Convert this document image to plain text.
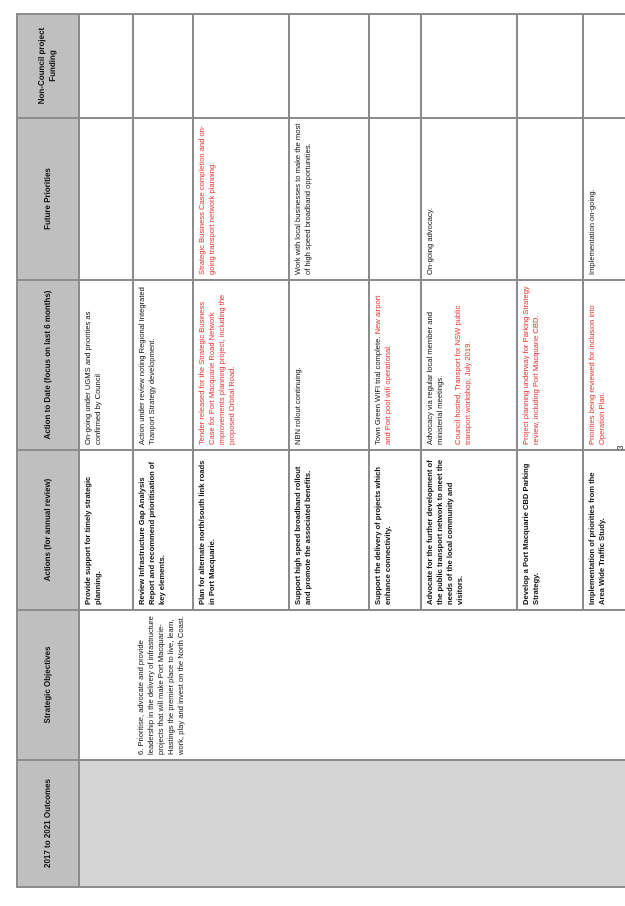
2017 to 2021 Outcomes	Strategic Objectives	Actions (for annual review)	Action to Date (focus on last 6 months)	Future Priorities	Non-Council project Funding
		Provide support for timely strategic planning.	On-going under UGMS and priorities as confirmed by Council		
	6. Prioritise, advocate and provide leadership in the delivery of infrastructure projects that will make Port Macquarie-Hastings the premier place to live, learn, work, play and invest on the North Coast.	Review Infrastructure Gap Analysis Report and recommend prioritisation of key elements.	Action under review noting Regional Integrated Tranport Strategy development.		
		Plan for alternate north/south link roads in Port Macquarie.	Tender released for the Strategic Business Case for Port Macquarie Road Network improvements planning project, including the proposed Orbital Road.	Strategic Business Case completion and on-going transport network planning.	
		Support high speed broadband rollout and promote the associated benefits.	NBN rollout continuing.	Work with local businesses to make the most of high speed broadband opportunities.	
		Support the delivery of projects which enhance connectivity.	Town Green WIFI trial complete. New airport and Port pool wifi operational.		
		Advocate for the further development of the public transport network to meet the needs of the local community and visitors.	Advocacy via regular local member and ministerial meetings. Council hosted, Transport for NSW public transport workshop, July 2019.	On-going advocacy.	
		Develop a Port Macquarie CBD Parking Strategy.	Project planning underway for Parking Strategy review, including Port Macquarie CBD.		
		Implementation of priorities from the Area Wide Traffic Study.	Priorities being reviewed for inclusion into Operation Plan.	Implementation on-going.	
3
